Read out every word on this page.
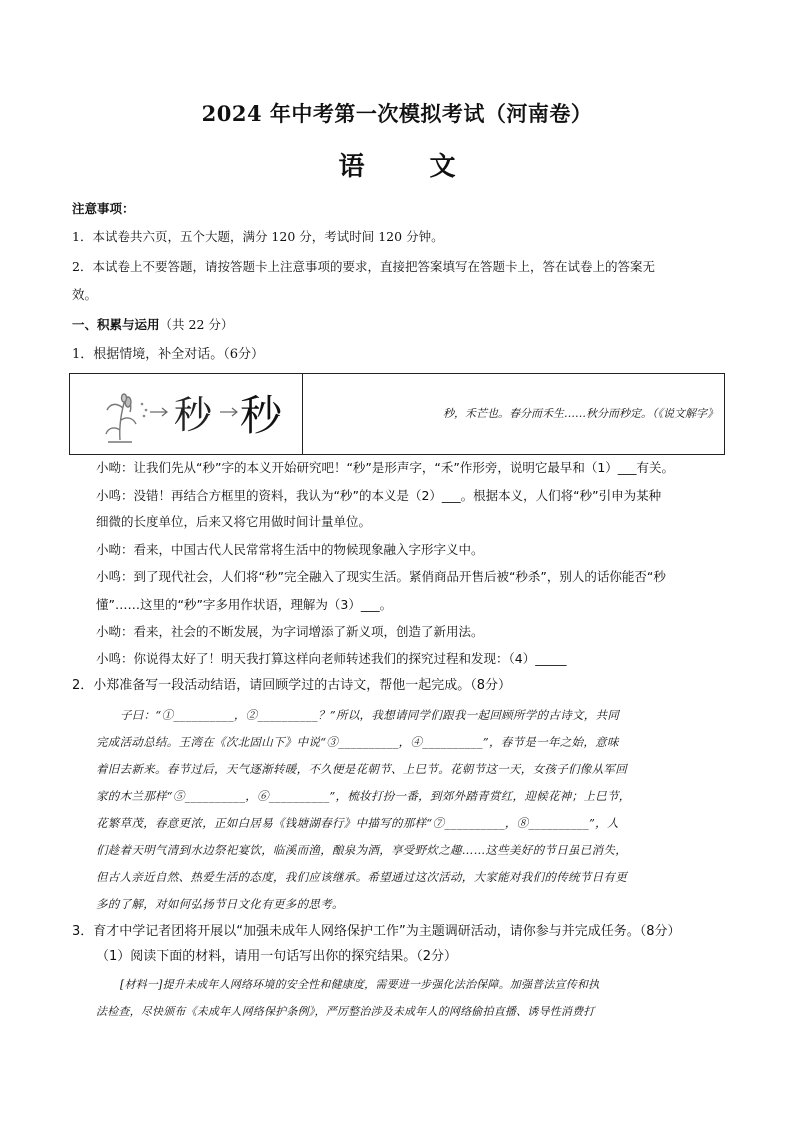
2024 年中考第一次模拟考试（河南卷）
语 文
注意事项：
1．本试卷共六页，五个大题，满分 120 分，考试时间 120 分钟。
2．本试卷上不要答题，请按答题卡上注意事项的要求，直接把答案填写在答题卡上，答在试卷上的答案无
效。
一、积累与运用（共 22 分）
1．根据情境，补全对话。（6分）
秒 秒	秒，禾芒也。春分而禾生……秋分而秒定。（《说文解字》
小呦：让我们先从“秒”字的本义开始研究吧！“秒”是形声字，“禾”作形旁，说明它最早和（1）___有关。
小鸣：没错！再结合方框里的资料，我认为“秒”的本义是（2）___。根据本义，人们将“秒”引申为某种
细微的长度单位，后来又将它用做时间计量单位。
小呦：看来，中国古代人民常常将生活中的物候现象融入字形字义中。
小鸣：到了现代社会，人们将“秒”完全融入了现实生活。紧俏商品开售后被“秒杀”，别人的话你能否“秒
懂”……这里的“秒”字多用作状语，理解为（3）___。
小呦：看来，社会的不断发展，为字词增添了新义项，创造了新用法。
小鸣：你说得太好了！明天我打算这样向老师转述我们的探究过程和发现：（4）_____
2．小郑准备写一段活动结语，请回顾学过的古诗文，帮他一起完成。（8分）
子曰：“①__________，②__________？”所以，我想请同学们跟我一起回顾所学的古诗文，共同
完成活动总结。王湾在《次北固山下》中说“③__________，④__________”，春节是一年之始，意味
着旧去新来。春节过后，天气逐渐转暖，不久便是花朝节、上巳节。花朝节这一天，女孩子们像从军回
家的木兰那样“⑤__________，⑥__________”，梳妆打扮一番，到郊外踏青赏红，迎候花神；上巳节，
花繁草茂，春意更浓，正如白居易《钱塘湖春行》中描写的那样“⑦__________，⑧__________”，人
们趁着天明气清到水边祭祀宴饮，临溪而渔，酿泉为酒，享受野炊之趣……这些美好的节日虽已消失，
但古人亲近自然、热爱生活的态度，我们应该继承。希望通过这次活动，大家能对我们的传统节日有更
多的了解，对如何弘扬节日文化有更多的思考。
3．育才中学记者团将开展以“加强未成年人网络保护工作”为主题调研活动，请你参与并完成任务。（8分）
（1）阅读下面的材料，请用一句话写出你的探究结果。（2分）
[材料一]提升未成年人网络环境的安全性和健康度，需要进一步强化法治保障。加强普法宣传和执
法检查，尽快颁布《未成年人网络保护条例》，严厉整治涉及未成年人的网络偷拍直播、诱导性消费打
